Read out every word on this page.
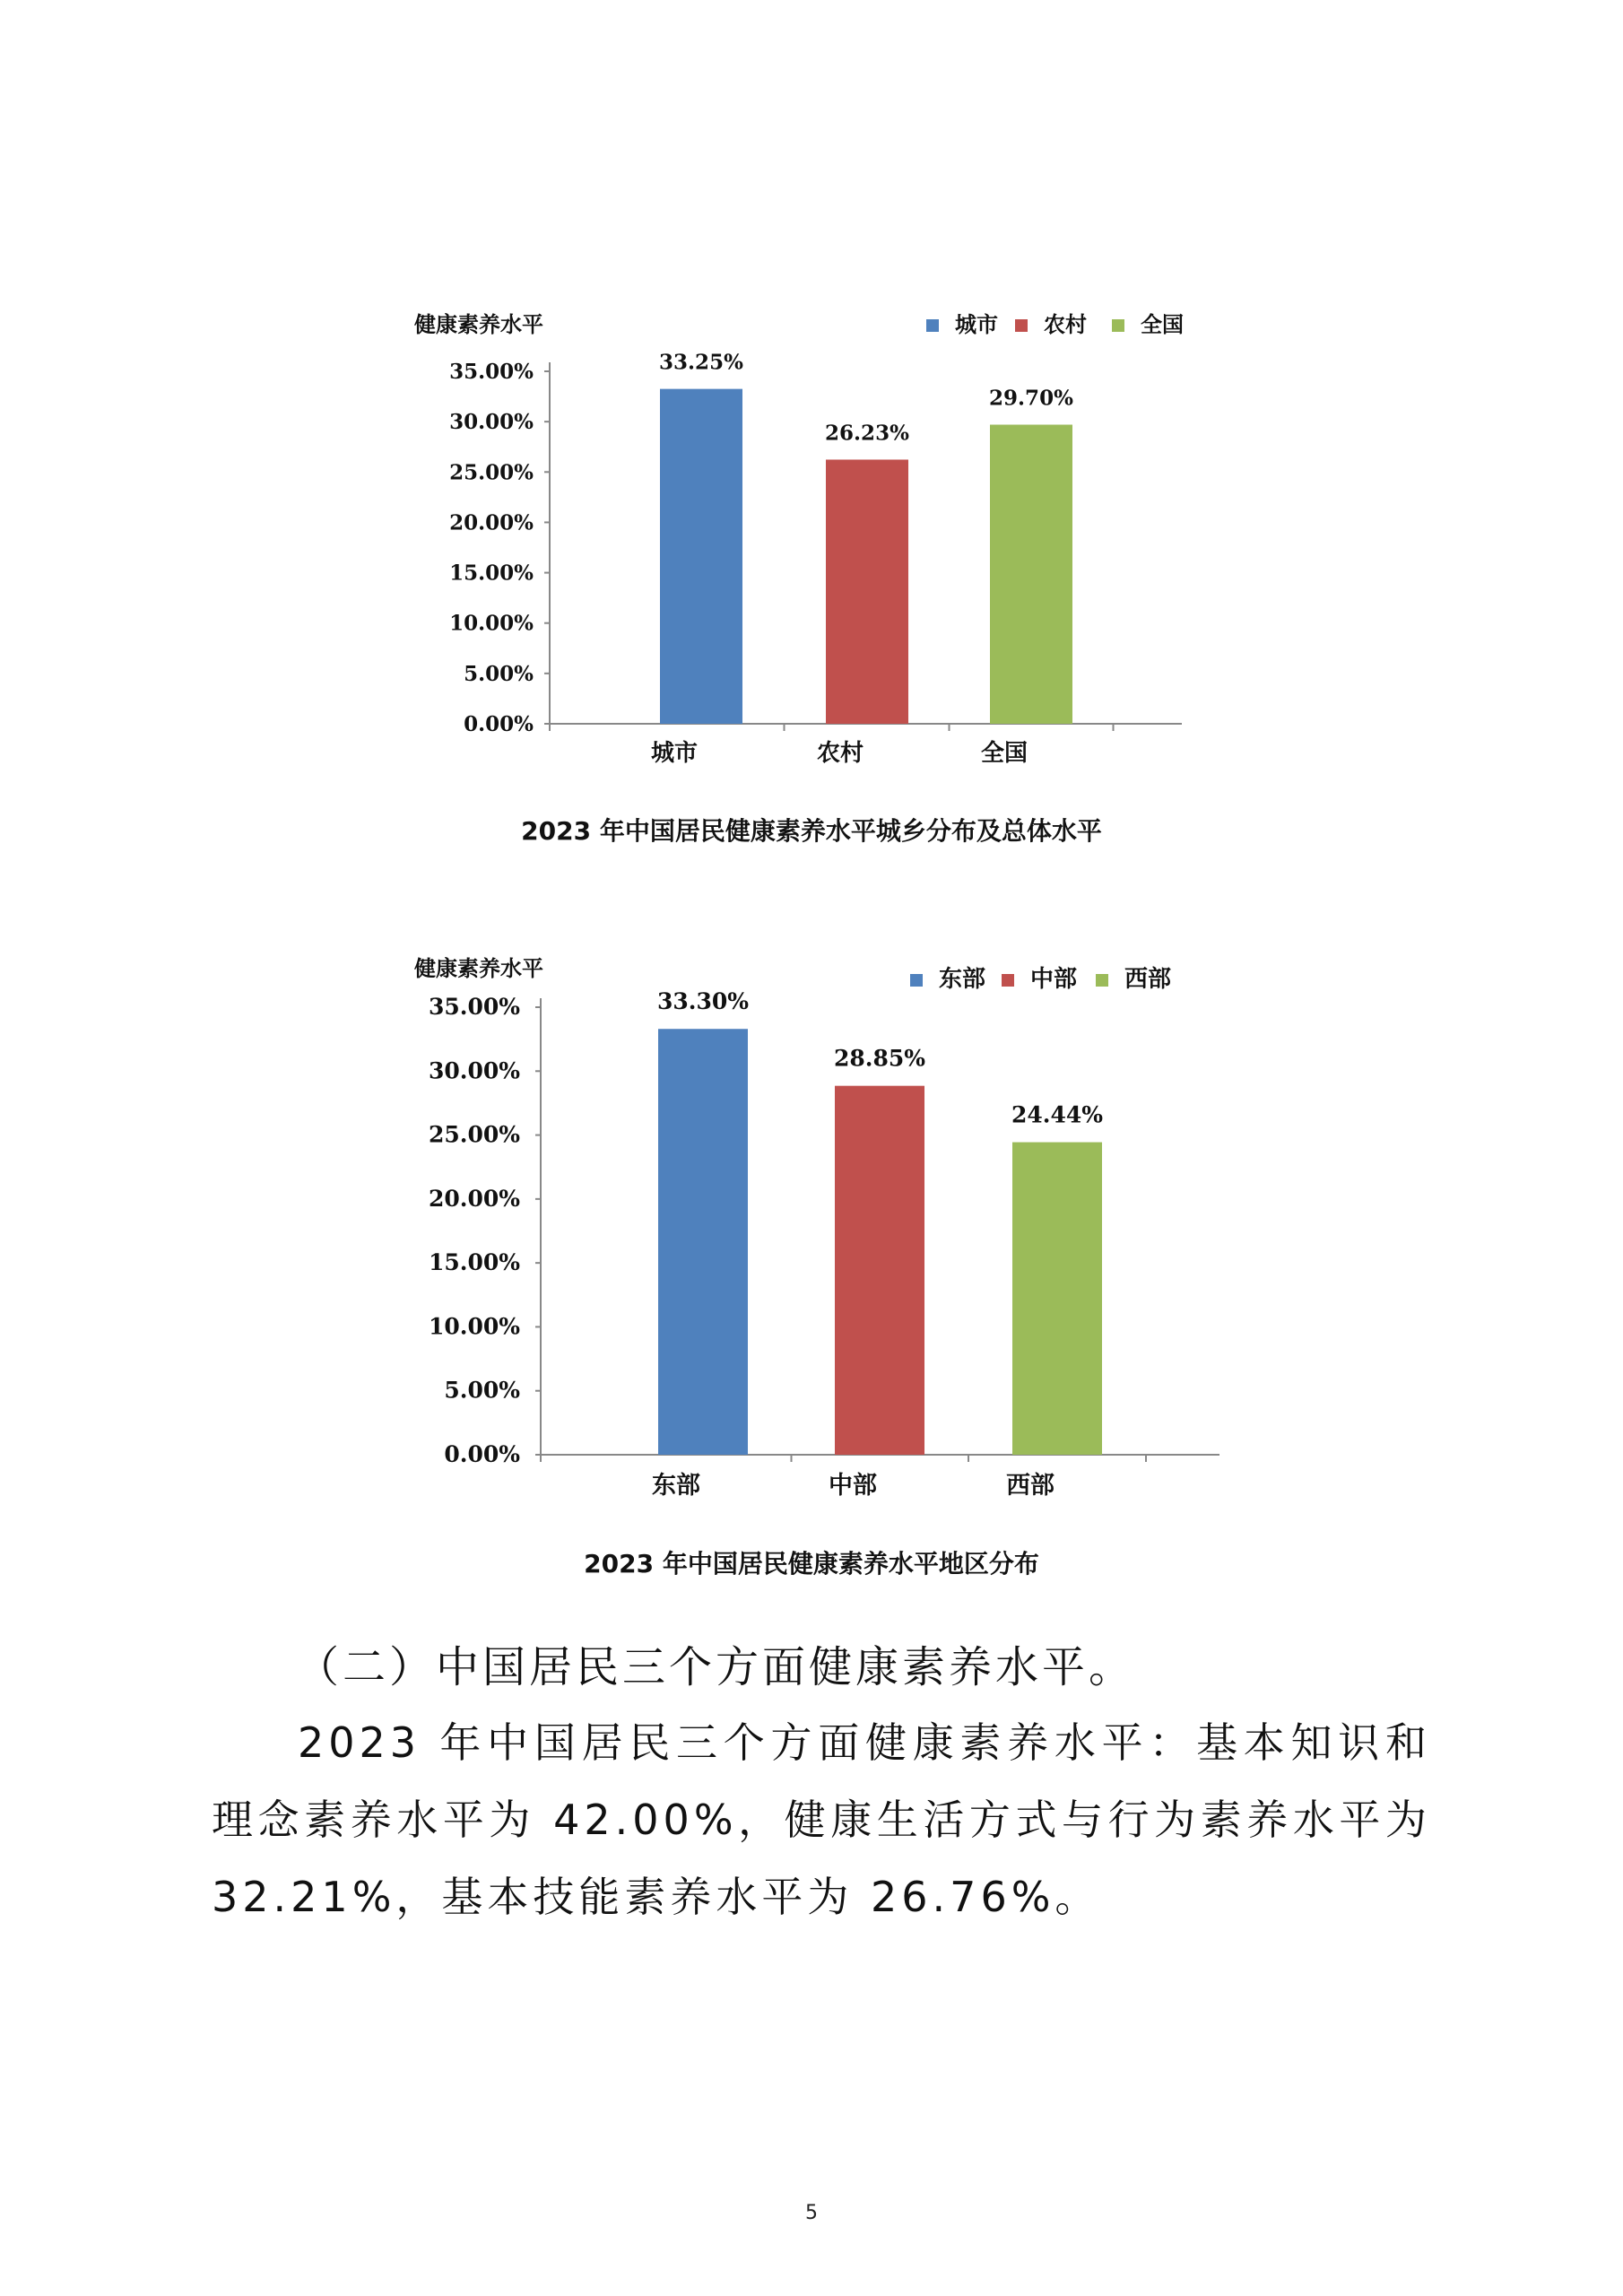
0.00%
5.00%
10.00%
15.00%
20.00%
25.00%
30.00%
35.00%
健康素养水平
33.25%
城市
26.23%
农村
29.70%
全国
城市 农村	全国
2023 年中国居民健康素养水平城乡分布及总体水平
0.00%
5.00%
10.00%
15.00%
20.00%
25.00%
30.00%
35.00%
健康素养水平
33.30%
东部
28.85%
中部
24.44%
西部
东部 中部 西部
2023 年中国居民健康素养水平地区分布
（二）中国居民三个方面健康素养水平。
2023 年中国居民三个方面健康素养水平：基本知识和理念素养水平为 42.00%，健康生活方式与行为素养水平为 32.21%，基本技能素养水平为 26.76%。
5
